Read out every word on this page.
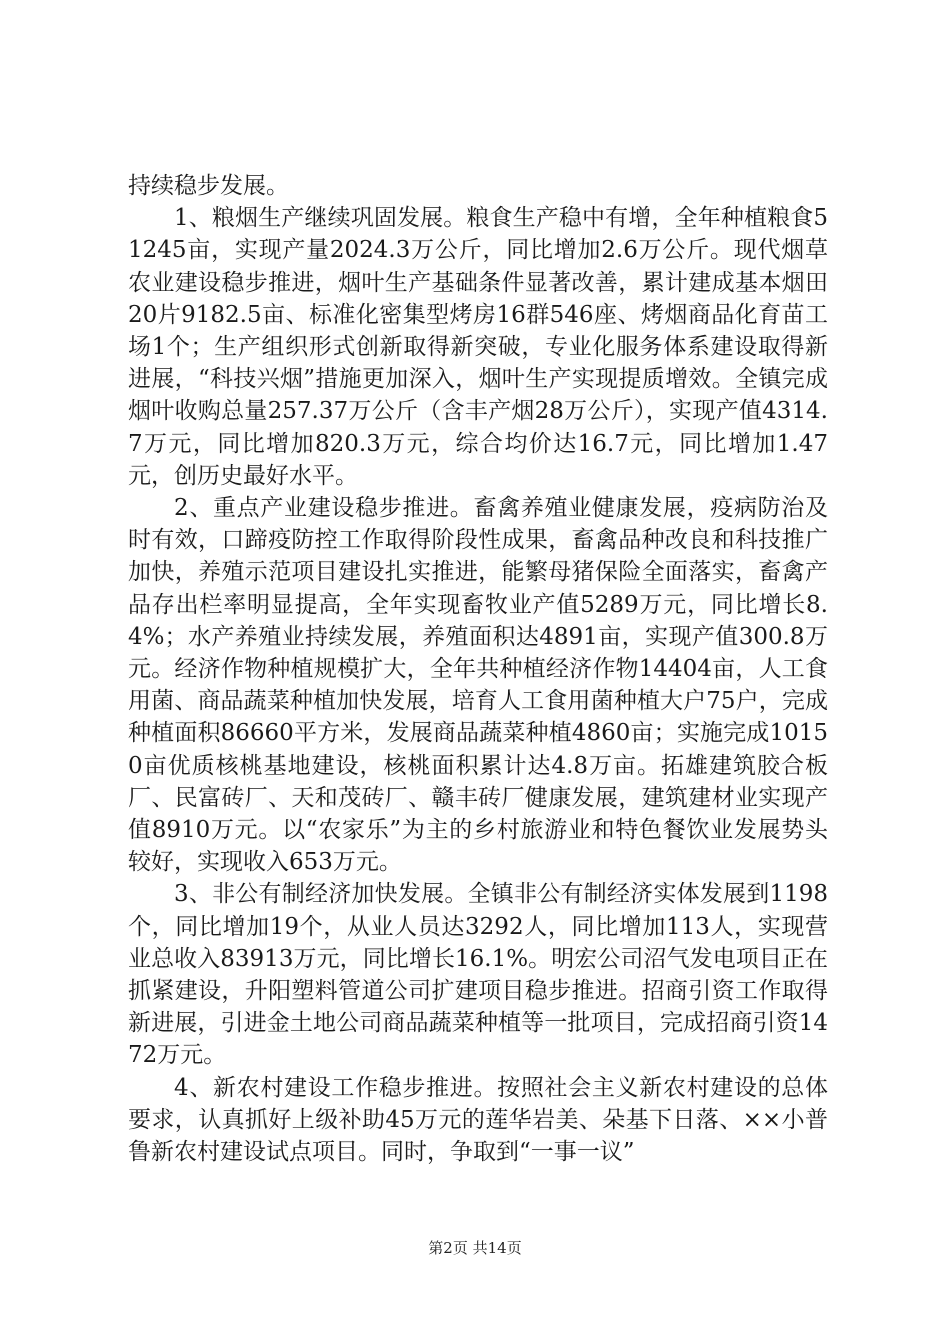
持续稳步发展。

1、粮烟生产继续巩固发展。粮食生产稳中有增，全年种植粮食51245亩，实现产量2024.3万公斤，同比增加2.6万公斤。现代烟草农业建设稳步推进，烟叶生产基础条件显著改善，累计建成基本烟田20片9182.5亩、标准化密集型烤房16群546座、烤烟商品化育苗工场1个；生产组织形式创新取得新突破，专业化服务体系建设取得新进展，“科技兴烟”措施更加深入，烟叶生产实现提质增效。全镇完成烟叶收购总量257.37万公斤（含丰产烟28万公斤），实现产值4314.7万元，同比增加820.3万元，综合均价达16.7元，同比增加1.47元，创历史最好水平。

2、重点产业建设稳步推进。畜禽养殖业健康发展，疫病防治及时有效，口蹄疫防控工作取得阶段性成果，畜禽品种改良和科技推广加快，养殖示范项目建设扎实推进，能繁母猪保险全面落实，畜禽产品存出栏率明显提高，全年实现畜牧业产值5289万元，同比增长8.4%；水产养殖业持续发展，养殖面积达4891亩，实现产值300.8万元。经济作物种植规模扩大，全年共种植经济作物14404亩，人工食用菌、商品蔬菜种植加快发展，培育人工食用菌种植大户75户，完成种植面积86660平方米，发展商品蔬菜种植4860亩；实施完成10150亩优质核桃基地建设，核桃面积累计达4.8万亩。拓雄建筑胶合板厂、民富砖厂、天和茂砖厂、赣丰砖厂健康发展，建筑建材业实现产值8910万元。以“农家乐”为主的乡村旅游业和特色餐饮业发展势头较好，实现收入653万元。

3、非公有制经济加快发展。全镇非公有制经济实体发展到1198个，同比增加19个，从业人员达3292人，同比增加113人，实现营业总收入83913万元，同比增长16.1%。明宏公司沼气发电项目正在抓紧建设，升阳塑料管道公司扩建项目稳步推进。招商引资工作取得新进展，引进金土地公司商品蔬菜种植等一批项目，完成招商引资1472万元。

4、新农村建设工作稳步推进。按照社会主义新农村建设的总体要求，认真抓好上级补助45万元的莲华岩美、朵基下日落、××小普鲁新农村建设试点项目。同时，争取到“一事一议”

第2页 共14页
